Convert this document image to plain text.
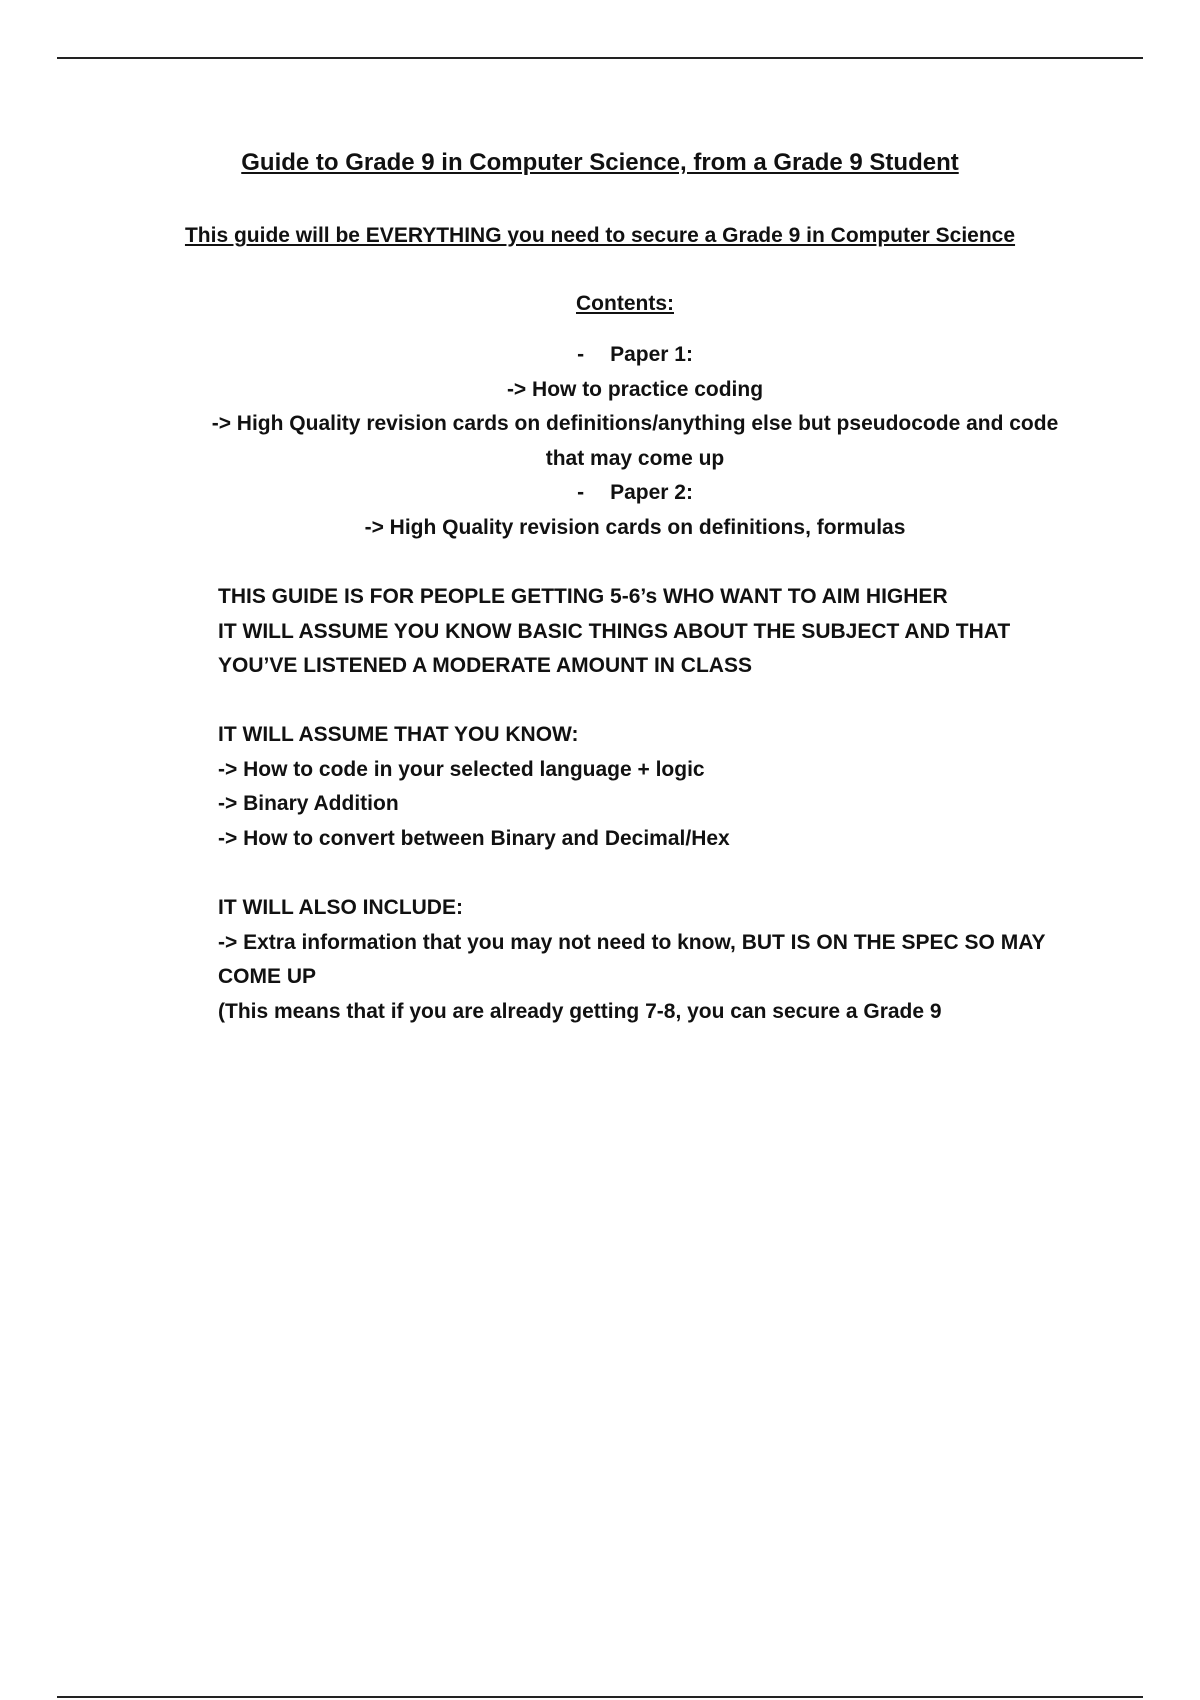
Guide to Grade 9 in Computer Science, from a Grade 9 Student
This guide will be EVERYTHING you need to secure a Grade 9 in Computer Science
Contents:
- Paper 1:
-> How to practice coding
-> High Quality revision cards on definitions/anything else but pseudocode and code that may come up
- Paper 2:
-> High Quality revision cards on definitions, formulas
THIS GUIDE IS FOR PEOPLE GETTING 5-6’s WHO WANT TO AIM HIGHER
IT WILL ASSUME YOU KNOW BASIC THINGS ABOUT THE SUBJECT AND THAT YOU’VE LISTENED A MODERATE AMOUNT IN CLASS
IT WILL ASSUME THAT YOU KNOW:
-> How to code in your selected language + logic
-> Binary Addition
-> How to convert between Binary and Decimal/Hex
IT WILL ALSO INCLUDE:
-> Extra information that you may not need to know, BUT IS ON THE SPEC SO MAY COME UP
(This means that if you are already getting 7-8, you can secure a Grade 9
